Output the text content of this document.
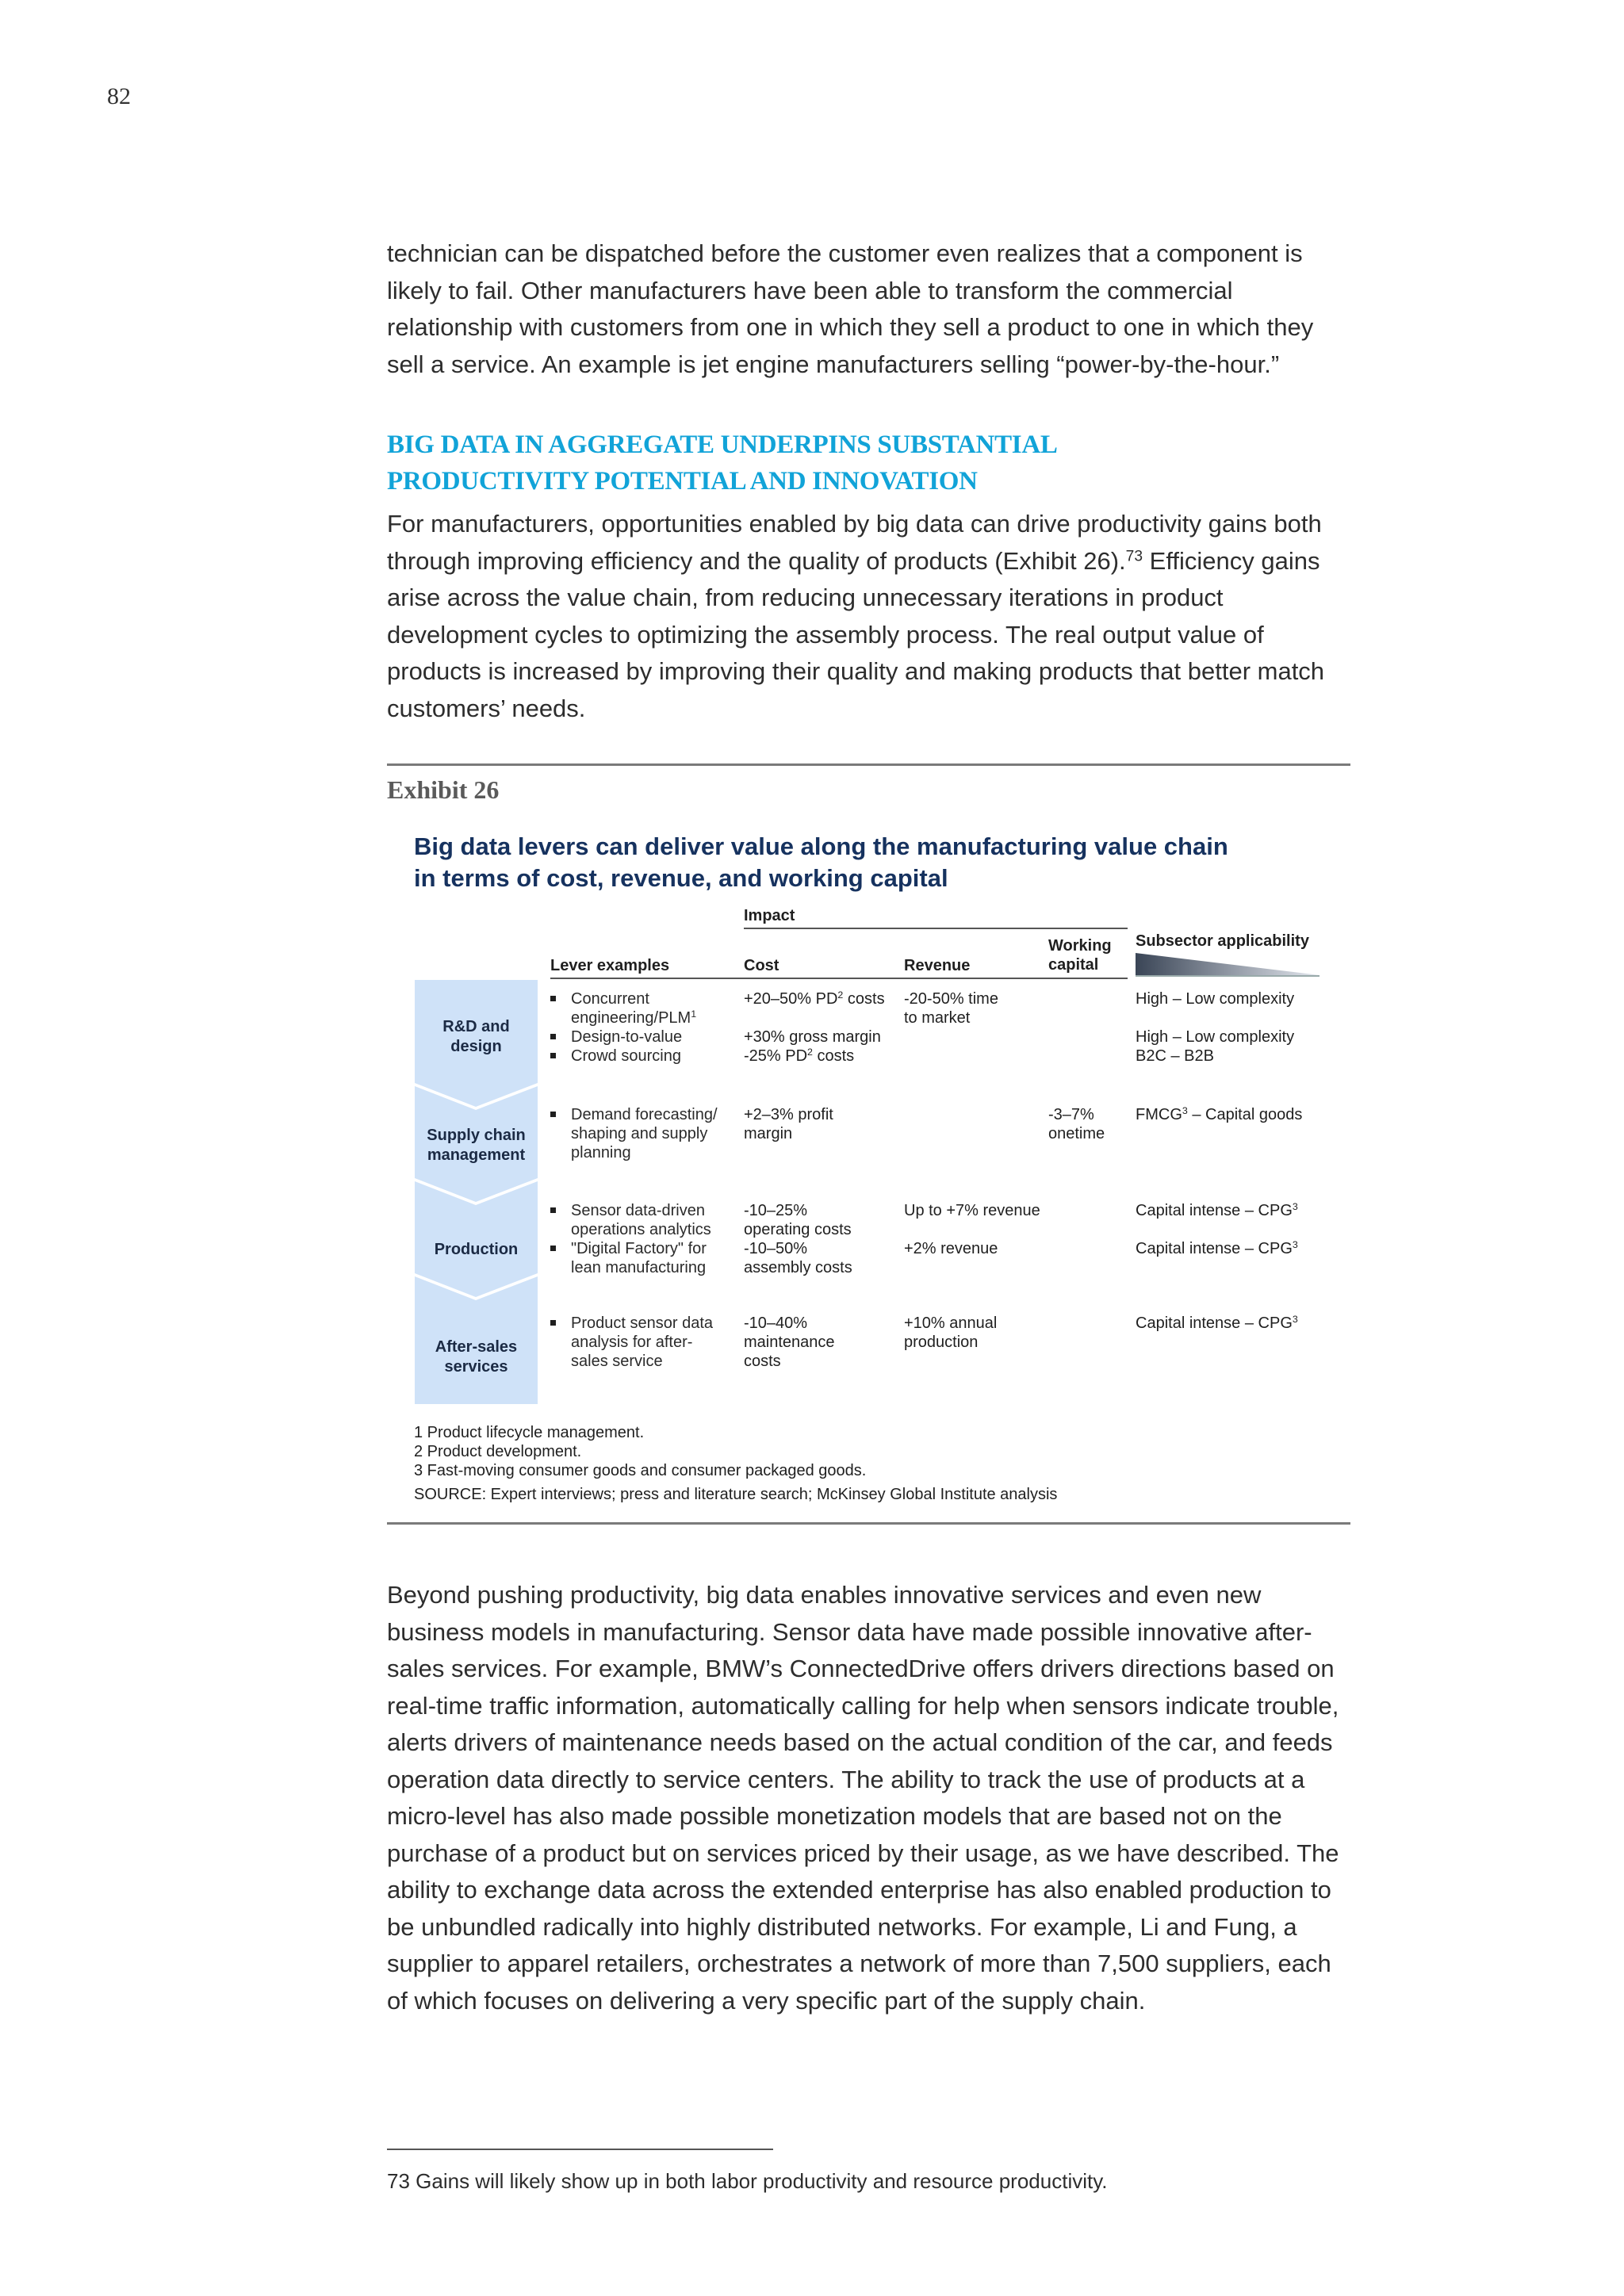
82

technician can be dispatched before the customer even realizes that a component is likely to fail. Other manufacturers have been able to transform the commercial relationship with customers from one in which they sell a product to one in which they sell a service. An example is jet engine manufacturers selling “power-by-the-hour.”

BIG DATA IN AGGREGATE UNDERPINS SUBSTANTIAL
PRODUCTIVITY POTENTIAL AND INNOVATION

For manufacturers, opportunities enabled by big data can drive productivity gains both through improving efficiency and the quality of products (Exhibit 26).$^{73}$ Efficiency gains arise across the value chain, from reducing unnecessary iterations in product development cycles to optimizing the assembly process. The real output value of products is increased by improving their quality and making products that better match customers’ needs.

Exhibit 26
Big data levers can deliver value along the manufacturing value chain
in terms of cost, revenue, and working capital
Impact
Lever examples	Cost	Revenue
Working
capital
Subsector applicability
R&D and
design
Supply chain
management
Production
After-sales
services
Concurrent
engineering/PLM$^1$
Design-to-value
Crowd sourcing
+20–50% $PD^2$ costs
+30% gross margin
-25% $PD^2$ costs
-20-50% time
to market
High – Low complexity
High – Low complexity
B2C – B2B
Demand forecasting/
shaping and supply
planning
+2–3% profit
margin
-3–7%
onetime
FMCG$^3$ – Capital goods
Sensor data-driven
operations analytics
"Digital Factory" for
lean manufacturing
-10–25%
operating costs
-10–50%
assembly costs
Up to +7% revenue
+2% revenue
Capital intense – CPG$^3$
Capital intense – CPG$^3$
Product sensor data
analysis for after-
sales service
-10–40%
maintenance
costs
+10% annual
production
Capital intense – CPG$^3$
1 Product lifecycle management.
2 Product development.
3 Fast-moving consumer goods and consumer packaged goods.
SOURCE: Expert interviews; press and literature search; McKinsey Global Institute analysis

Beyond pushing productivity, big data enables innovative services and even new business models in manufacturing. Sensor data have made possible innovative after-sales services. For example, BMW’s ConnectedDrive offers drivers directions based on real-time traffic information, automatically calling for help when sensors indicate trouble, alerts drivers of maintenance needs based on the actual condition of the car, and feeds operation data directly to service centers. The ability to track the use of products at a micro-level has also made possible monetization models that are based not on the purchase of a product but on services priced by their usage, as we have described. The ability to exchange data across the extended enterprise has also enabled production to be unbundled radically into highly distributed networks. For example, Li and Fung, a supplier to apparel retailers, orchestrates a network of more than 7,500 suppliers, each of which focuses on delivering a very specific part of the supply chain.

73 Gains will likely show up in both labor productivity and resource productivity.
